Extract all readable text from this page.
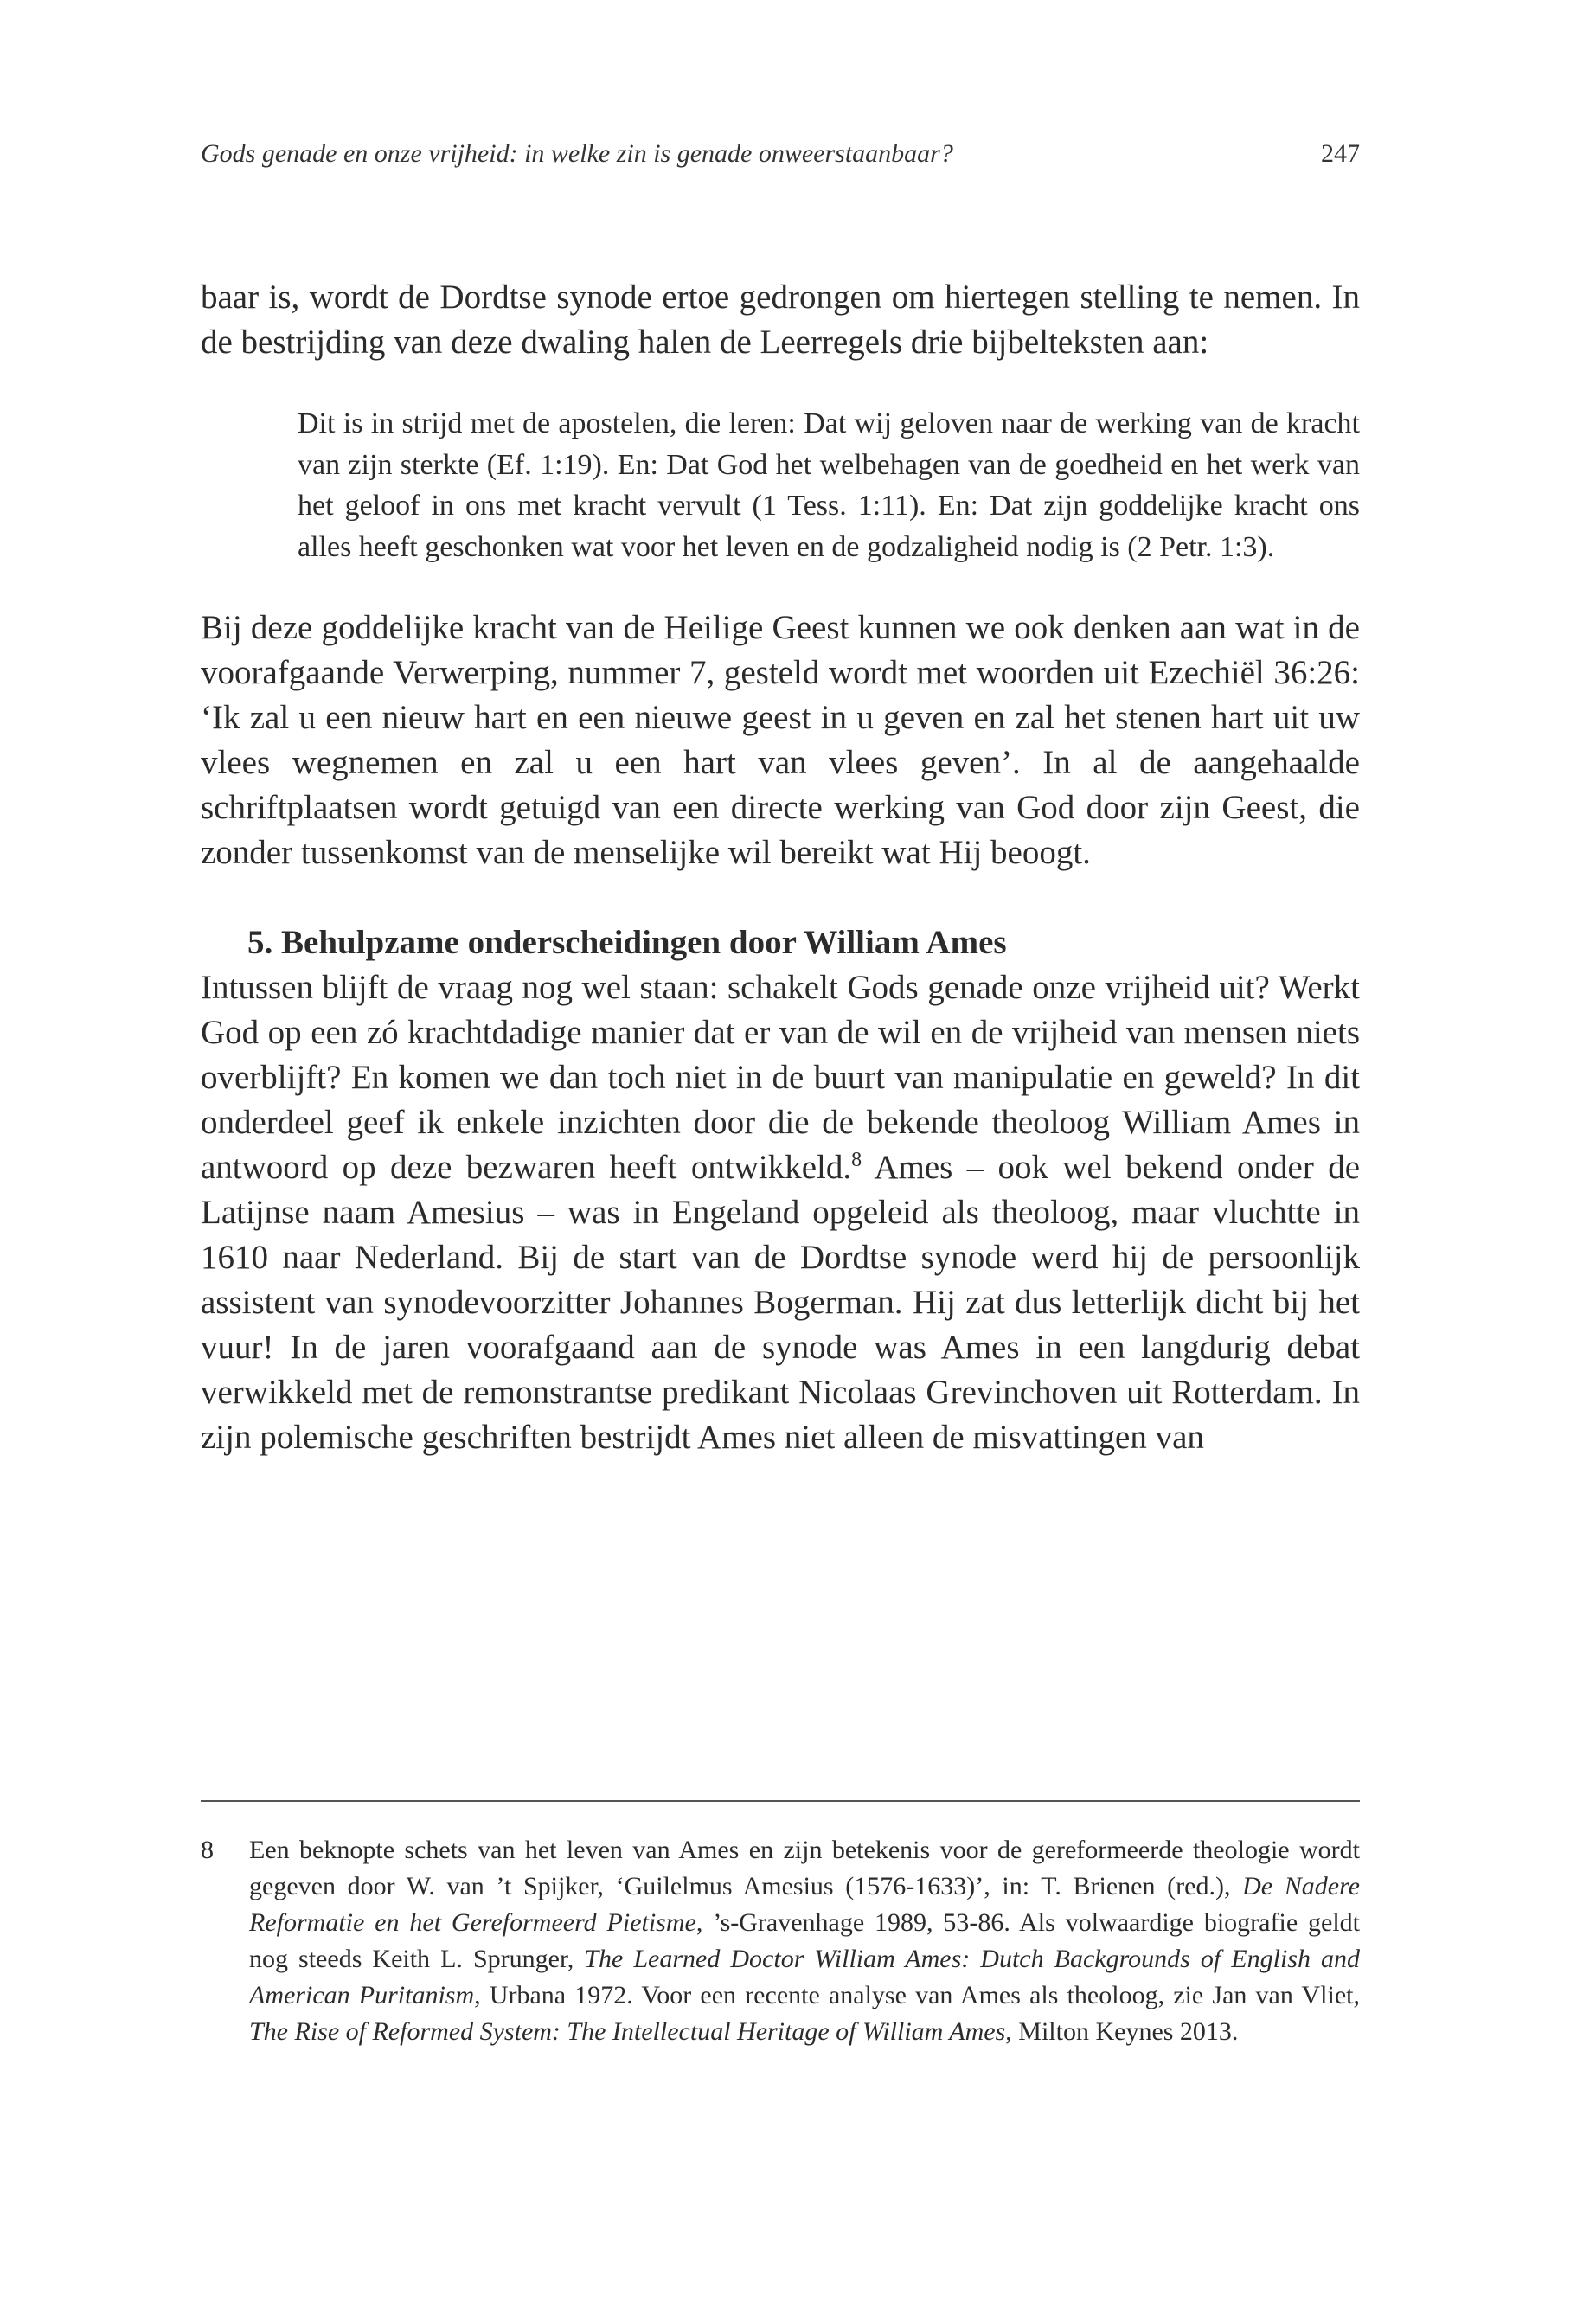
Gods genade en onze vrijheid: in welke zin is genade onweerstaanbaar?	247

baar is, wordt de Dordtse synode ertoe gedrongen om hiertegen stelling te nemen. In de bestrijding van deze dwaling halen de Leerregels drie bijbelteksten aan:

Dit is in strijd met de apostelen, die leren: Dat wij geloven naar de werking van de kracht van zijn sterkte (Ef. 1:19). En: Dat God het welbehagen van de goedheid en het werk van het geloof in ons met kracht vervult (1 Tess. 1:11). En: Dat zijn goddelijke kracht ons alles heeft geschonken wat voor het leven en de godzaligheid nodig is (2 Petr. 1:3).

Bij deze goddelijke kracht van de Heilige Geest kunnen we ook denken aan wat in de voorafgaande Verwerping, nummer 7, gesteld wordt met woorden uit Ezechiël 36:26: ‘Ik zal u een nieuw hart en een nieuwe geest in u geven en zal het stenen hart uit uw vlees wegnemen en zal u een hart van vlees geven’. In al de aangehaalde schriftplaatsen wordt getuigd van een directe werking van God door zijn Geest, die zonder tussenkomst van de menselijke wil bereikt wat Hij beoogt.

5. Behulpzame onderscheidingen door William Ames

Intussen blijft de vraag nog wel staan: schakelt Gods genade onze vrijheid uit? Werkt God op een zó krachtdadige manier dat er van de wil en de vrijheid van mensen niets overblijft? En komen we dan toch niet in de buurt van manipulatie en geweld? In dit onderdeel geef ik enkele inzichten door die de bekende theoloog William Ames in antwoord op deze bezwaren heeft ontwikkeld.$^8$ Ames – ook wel bekend onder de Latijnse naam Amesius – was in Engeland opgeleid als theoloog, maar vluchtte in 1610 naar Nederland. Bij de start van de Dordtse synode werd hij de persoonlijk assistent van synodevoorzitter Johannes Bogerman. Hij zat dus letterlijk dicht bij het vuur! In de jaren voorafgaand aan de synode was Ames in een langdurig debat verwikkeld met de remonstrantse predikant Nicolaas Grevinchoven uit Rotterdam. In zijn polemische geschriften bestrijdt Ames niet alleen de misvattingen van

8 Een beknopte schets van het leven van Ames en zijn betekenis voor de gereformeerde theologie wordt gegeven door W. van ’t Spijker, ‘Guilelmus Amesius (1576-1633)’, in: T. Brienen (red.), De Nadere Reformatie en het Gereformeerd Pietisme, ’s-Gravenhage 1989, 53-86. Als volwaardige biografie geldt nog steeds Keith L. Sprunger, The Learned Doctor William Ames: Dutch Backgrounds of English and American Puritanism, Urbana 1972. Voor een recente analyse van Ames als theoloog, zie Jan van Vliet, The Rise of Reformed System: The Intellectual Heritage of William Ames, Milton Keynes 2013.
